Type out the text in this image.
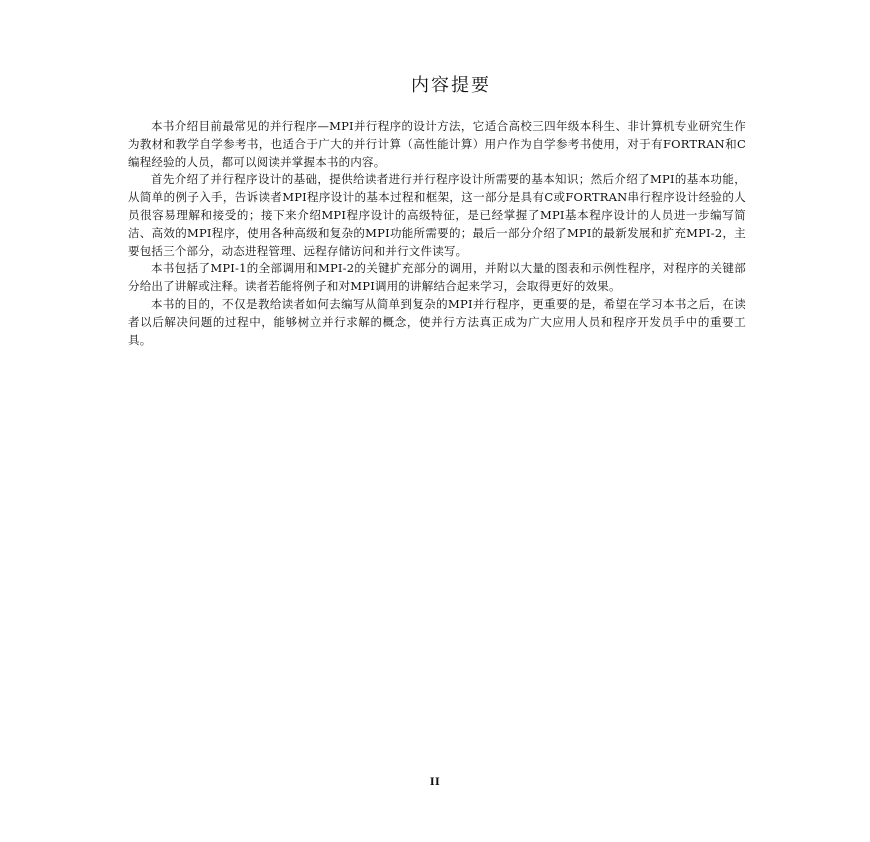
内容提要

本书介绍目前最常见的并行程序—MPI并行程序的设计方法，它适合高校三四年级本科生、非计算机专业研究生作为教材和教学自学参考书，也适合于广大的并行计算（高性能计算）用户作为自学参考书使用，对于有FORTRAN和C编程经验的人员，都可以阅读并掌握本书的内容。

首先介绍了并行程序设计的基础，提供给读者进行并行程序设计所需要的基本知识；然后介绍了MPI的基本功能，从简单的例子入手，告诉读者MPI程序设计的基本过程和框架，这一部分是具有C或FORTRAN串行程序设计经验的人员很容易理解和接受的；接下来介绍MPI程序设计的高级特征，是已经掌握了MPI基本程序设计的人员进一步编写简洁、高效的MPI程序，使用各种高级和复杂的MPI功能所需要的；最后一部分介绍了MPI的最新发展和扩充MPI-2，主要包括三个部分，动态进程管理、远程存储访问和并行文件读写。

本书包括了MPI-1的全部调用和MPI-2的关键扩充部分的调用，并附以大量的图表和示例性程序，对程序的关键部分给出了讲解或注释。读者若能将例子和对MPI调用的讲解结合起来学习，会取得更好的效果。

本书的目的，不仅是教给读者如何去编写从简单到复杂的MPI并行程序，更重要的是，希望在学习本书之后，在读者以后解决问题的过程中，能够树立并行求解的概念，使并行方法真正成为广大应用人员和程序开发员手中的重要工具。

II
